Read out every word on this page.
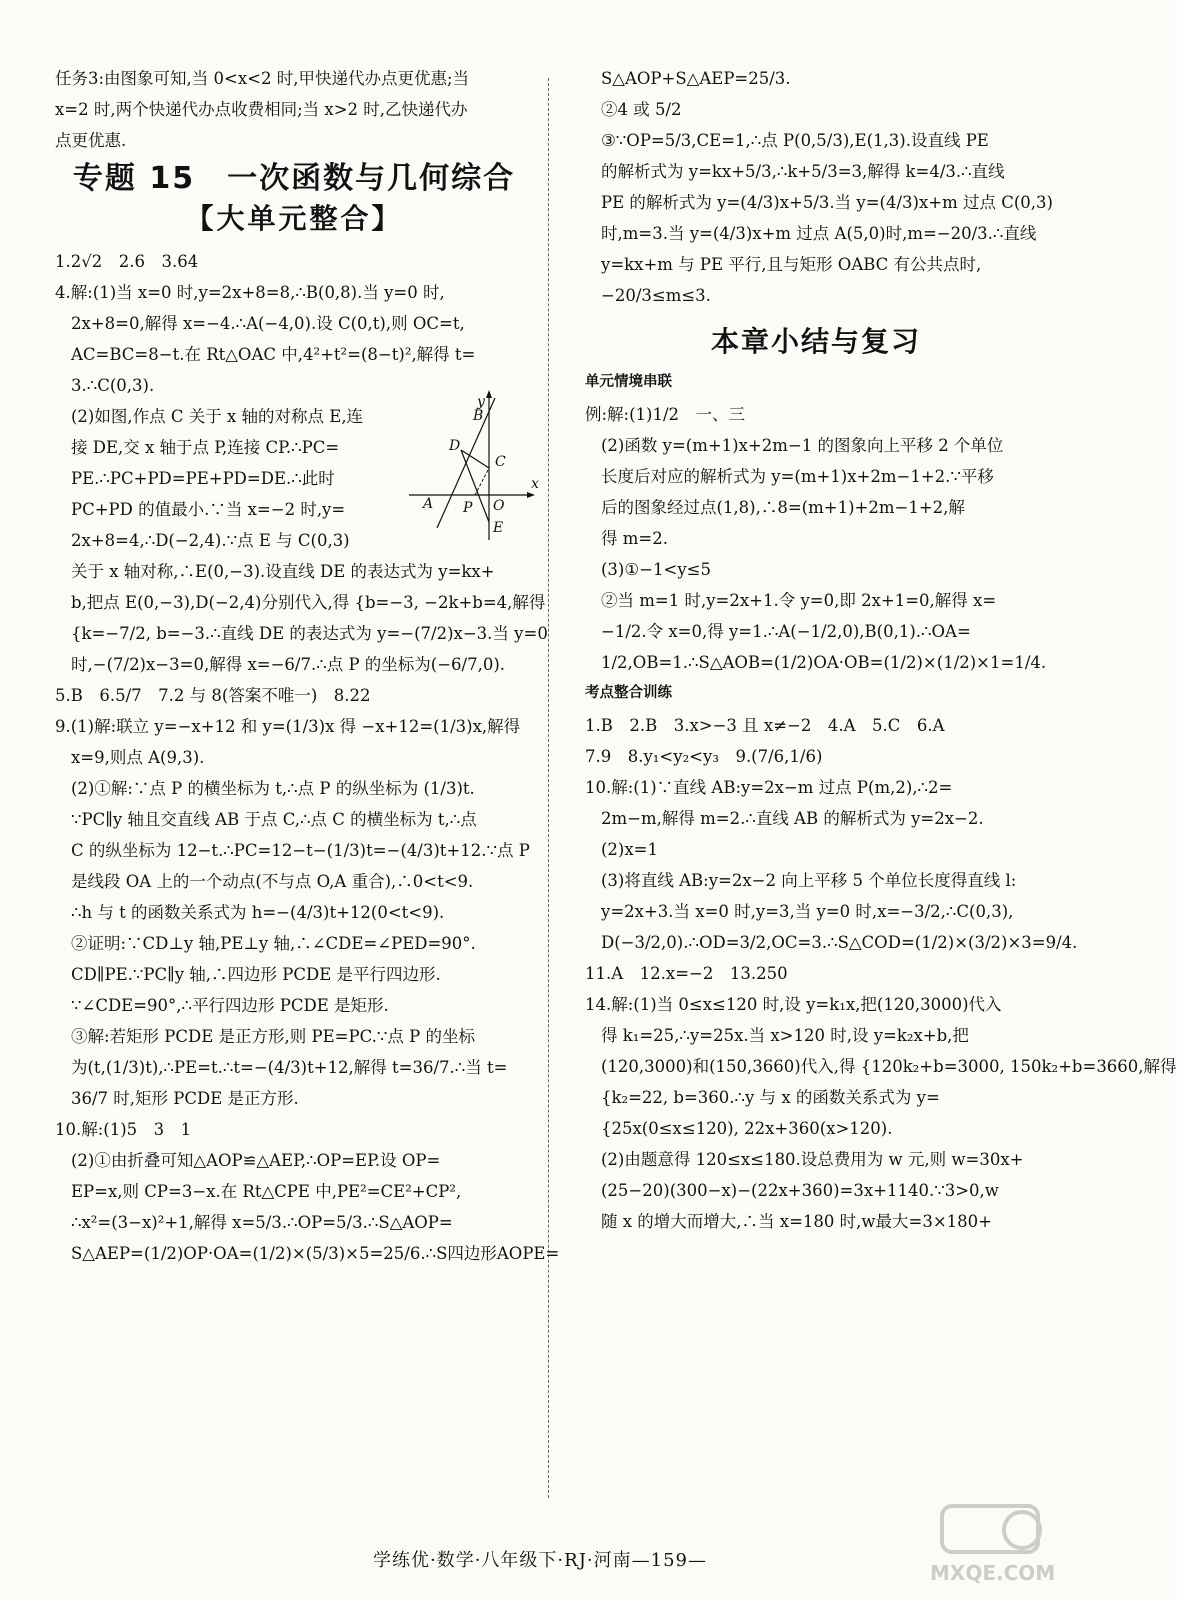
任务3:由图象可知,当 0<x<2 时,甲快递代办点更优惠;当
x=2 时,两个快递代办点收费相同;当 x>2 时,乙快递代办
点更优惠.
专题 15　一次函数与几何综合
【大单元整合】
1.2√2　2.6　3.64
4.解:(1)当 x=0 时,y=2x+8=8,∴B(0,8).当 y=0 时,
2x+8=0,解得 x=−4.∴A(−4,0).设 C(0,t),则 OC=t,
AC=BC=8−t.在 Rt△OAC 中,4²+t²=(8−t)²,解得 t=
3.∴C(0,3).
(2)如图,作点 C 关于 x 轴的对称点 E,连
接 DE,交 x 轴于点 P,连接 CP.∴PC=
PE.∴PC+PD=PE+PD=DE.∴此时
PC+PD 的值最小.∵当 x=−2 时,y=
2x+8=4,∴D(−2,4).∵点 E 与 C(0,3)
关于 x 轴对称,∴E(0,−3).设直线 DE 的表达式为 y=kx+
b,把点 E(0,−3),D(−2,4)分别代入,得 {b=−3, −2k+b=4,解得
{k=−7/2, b=−3.∴直线 DE 的表达式为 y=−(7/2)x−3.当 y=0
时,−(7/2)x−3=0,解得 x=−6/7.∴点 P 的坐标为(−6/7,0).
5.B　6.5/7　7.2 与 8(答案不唯一)　8.22
9.(1)解:联立 y=−x+12 和 y=(1/3)x 得 −x+12=(1/3)x,解得
x=9,则点 A(9,3).
(2)①解:∵点 P 的横坐标为 t,∴点 P 的纵坐标为 (1/3)t.
∵PC∥y 轴且交直线 AB 于点 C,∴点 C 的横坐标为 t,∴点
C 的纵坐标为 12−t.∴PC=12−t−(1/3)t=−(4/3)t+12.∵点 P
是线段 OA 上的一个动点(不与点 O,A 重合),∴0<t<9.
∴h 与 t 的函数关系式为 h=−(4/3)t+12(0<t<9).
②证明:∵CD⊥y 轴,PE⊥y 轴,∴∠CDE=∠PED=90°.
CD∥PE.∵PC∥y 轴,∴四边形 PCDE 是平行四边形.
∵∠CDE=90°,∴平行四边形 PCDE 是矩形.
③解:若矩形 PCDE 是正方形,则 PE=PC.∵点 P 的坐标
为(t,(1/3)t),∴PE=t.∴t=−(4/3)t+12,解得 t=36/7.∴当 t=
36/7 时,矩形 PCDE 是正方形.
10.解:(1)5　3　1
(2)①由折叠可知△AOP≌△AEP,∴OP=EP.设 OP=
EP=x,则 CP=3−x.在 Rt△CPE 中,PE²=CE²+CP²,
∴x²=(3−x)²+1,解得 x=5/3.∴OP=5/3.∴S△AOP=
S△AEP=(1/2)OP·OA=(1/2)×(5/3)×5=25/6.∴S四边形AOPE=
y
x
B
D
C
A P O
E
S△AOP+S△AEP=25/3.
②4 或 5/2
③∵OP=5/3,CE=1,∴点 P(0,5/3),E(1,3).设直线 PE
的解析式为 y=kx+5/3,∴k+5/3=3,解得 k=4/3.∴直线
PE 的解析式为 y=(4/3)x+5/3.当 y=(4/3)x+m 过点 C(0,3)
时,m=3.当 y=(4/3)x+m 过点 A(5,0)时,m=−20/3.∴直线
y=kx+m 与 PE 平行,且与矩形 OABC 有公共点时,
−20/3≤m≤3.
本章小结与复习
单元情境串联
例:解:(1)1/2　一、三
(2)函数 y=(m+1)x+2m−1 的图象向上平移 2 个单位
长度后对应的解析式为 y=(m+1)x+2m−1+2.∵平移
后的图象经过点(1,8),∴8=(m+1)+2m−1+2,解
得 m=2.
(3)①−1<y≤5
②当 m=1 时,y=2x+1.令 y=0,即 2x+1=0,解得 x=
−1/2.令 x=0,得 y=1.∴A(−1/2,0),B(0,1).∴OA=
1/2,OB=1.∴S△AOB=(1/2)OA·OB=(1/2)×(1/2)×1=1/4.
考点整合训练
1.B　2.B　3.x>−3 且 x≠−2　4.A　5.C　6.A
7.9　8.y₁<y₂<y₃　9.(7/6,1/6)
10.解:(1)∵直线 AB:y=2x−m 过点 P(m,2),∴2=
2m−m,解得 m=2.∴直线 AB 的解析式为 y=2x−2.
(2)x=1
(3)将直线 AB:y=2x−2 向上平移 5 个单位长度得直线 l:
y=2x+3.当 x=0 时,y=3,当 y=0 时,x=−3/2,∴C(0,3),
D(−3/2,0).∴OD=3/2,OC=3.∴S△COD=(1/2)×(3/2)×3=9/4.
11.A　12.x=−2　13.250
14.解:(1)当 0≤x≤120 时,设 y=k₁x,把(120,3000)代入
得 k₁=25,∴y=25x.当 x>120 时,设 y=k₂x+b,把
(120,3000)和(150,3660)代入,得 {120k₂+b=3000, 150k₂+b=3660,解得
{k₂=22, b=360.∴y 与 x 的函数关系式为 y=
{25x(0≤x≤120), 22x+360(x>120).
(2)由题意得 120≤x≤180.设总费用为 w 元,则 w=30x+
(25−20)(300−x)−(22x+360)=3x+1140.∵3>0,w
随 x 的增大而增大,∴当 x=180 时,w最大=3×180+
学练优·数学·八年级下·RJ·河南—159—
MXQE.COM
